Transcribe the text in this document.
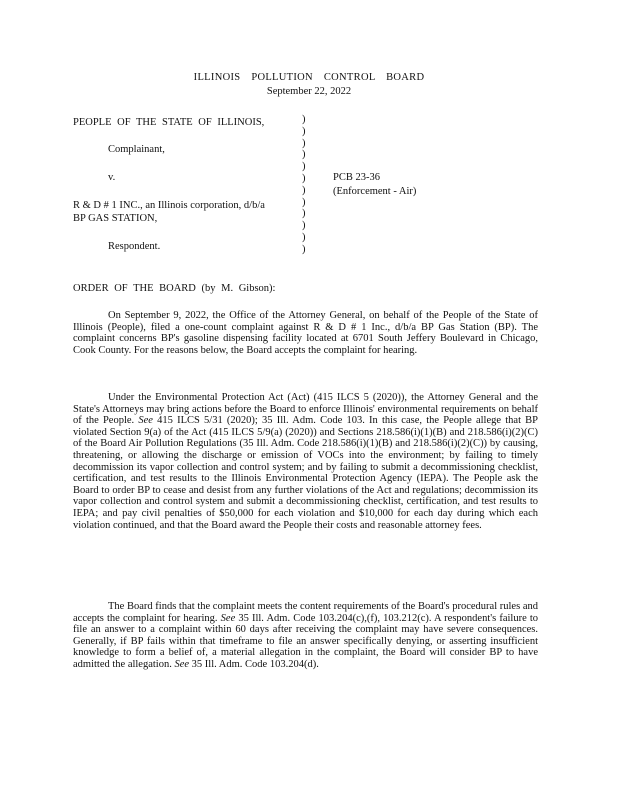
ILLINOIS POLLUTION CONTROL BOARD
September 22, 2022
PEOPLE OF THE STATE OF ILLINOIS,
Complainant,
v.	PCB 23-36
(Enforcement - Air)
R & D # 1 INC., an Illinois corporation, d/b/a
BP GAS STATION,
Respondent.
)
)
)
)
)
)
)
)
)
)
)
)
ORDER OF THE BOARD (by M. Gibson):
On September 9, 2022, the Office of the Attorney General, on behalf of the People of the State of Illinois (People), filed a one-count complaint against R & D # 1 Inc., d/b/a BP Gas Station (BP). The complaint concerns BP's gasoline dispensing facility located at 6701 South Jeffery Boulevard in Chicago, Cook County. For the reasons below, the Board accepts the complaint for hearing.
Under the Environmental Protection Act (Act) (415 ILCS 5 (2020)), the Attorney General and the State's Attorneys may bring actions before the Board to enforce Illinois' environmental requirements on behalf of the People. See 415 ILCS 5/31 (2020); 35 Ill. Adm. Code 103. In this case, the People allege that BP violated Section 9(a) of the Act (415 ILCS 5/9(a) (2020)) and Sections 218.586(i)(1)(B) and 218.586(i)(2)(C) of the Board Air Pollution Regulations (35 Ill. Adm. Code 218.586(i)(1)(B) and 218.586(i)(2)(C)) by causing, threatening, or allowing the discharge or emission of VOCs into the environment; by failing to timely decommission its vapor collection and control system; and by failing to submit a decommissioning checklist, certification, and test results to the Illinois Environmental Protection Agency (IEPA). The People ask the Board to order BP to cease and desist from any further violations of the Act and regulations; decommission its vapor collection and control system and submit a decommissioning checklist, certification, and test results to IEPA; and pay civil penalties of $50,000 for each violation and $10,000 for each day during which each violation continued, and that the Board award the People their costs and reasonable attorney fees.
The Board finds that the complaint meets the content requirements of the Board's procedural rules and accepts the complaint for hearing. See 35 Ill. Adm. Code 103.204(c),(f), 103.212(c). A respondent's failure to file an answer to a complaint within 60 days after receiving the complaint may have severe consequences. Generally, if BP fails within that timeframe to file an answer specifically denying, or asserting insufficient knowledge to form a belief of, a material allegation in the complaint, the Board will consider BP to have admitted the allegation. See 35 Ill. Adm. Code 103.204(d).
